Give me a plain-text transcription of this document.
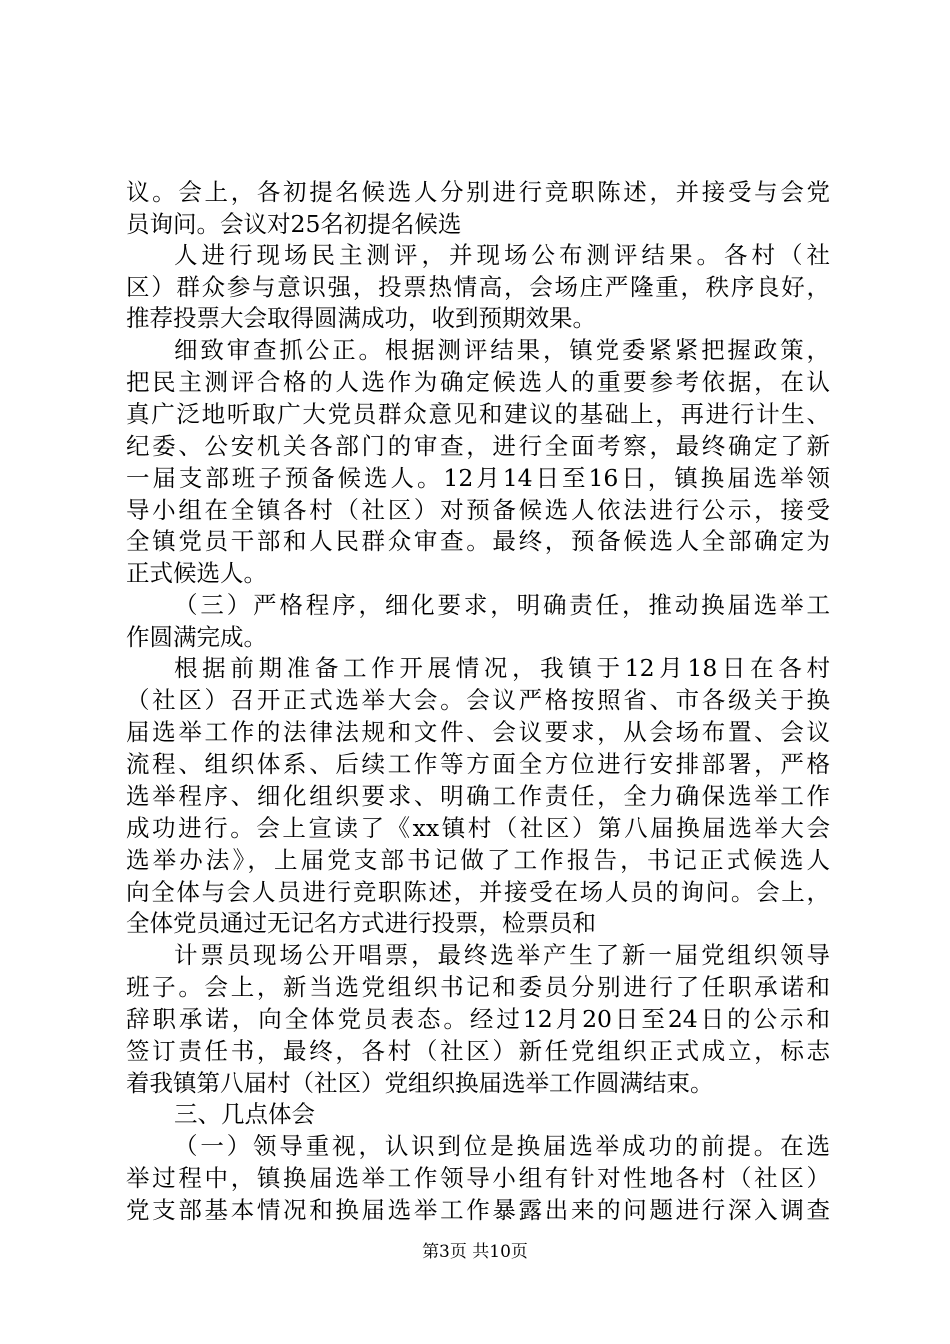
议。会上，各初提名候选人分别进行竞职陈述，并接受与会党
员询问。会议对25名初提名候选
人进行现场民主测评，并现场公布测评结果。各村（社
区）群众参与意识强，投票热情高，会场庄严隆重，秩序良好，
推荐投票大会取得圆满成功，收到预期效果。
细致审查抓公正。根据测评结果，镇党委紧紧把握政策，
把民主测评合格的人选作为确定候选人的重要参考依据，在认
真广泛地听取广大党员群众意见和建议的基础上，再进行计生、
纪委、公安机关各部门的审查，进行全面考察，最终确定了新
一届支部班子预备候选人。12月14日至16日，镇换届选举领
导小组在全镇各村（社区）对预备候选人依法进行公示，接受
全镇党员干部和人民群众审查。最终，预备候选人全部确定为
正式候选人。
（三）严格程序，细化要求，明确责任，推动换届选举工
作圆满完成。
根据前期准备工作开展情况，我镇于12月18日在各村
（社区）召开正式选举大会。会议严格按照省、市各级关于换
届选举工作的法律法规和文件、会议要求，从会场布置、会议
流程、组织体系、后续工作等方面全方位进行安排部署，严格
选举程序、细化组织要求、明确工作责任，全力确保选举工作
成功进行。会上宣读了《xx镇村（社区）第八届换届选举大会
选举办法》，上届党支部书记做了工作报告，书记正式候选人
向全体与会人员进行竞职陈述，并接受在场人员的询问。会上，
全体党员通过无记名方式进行投票，检票员和
计票员现场公开唱票，最终选举产生了新一届党组织领导
班子。会上，新当选党组织书记和委员分别进行了任职承诺和
辞职承诺，向全体党员表态。经过12月20日至24日的公示和
签订责任书，最终，各村（社区）新任党组织正式成立，标志
着我镇第八届村（社区）党组织换届选举工作圆满结束。
三、几点体会
（一）领导重视，认识到位是换届选举成功的前提。在选
举过程中，镇换届选举工作领导小组有针对性地各村（社区）
党支部基本情况和换届选举工作暴露出来的问题进行深入调查
第3页 共10页
